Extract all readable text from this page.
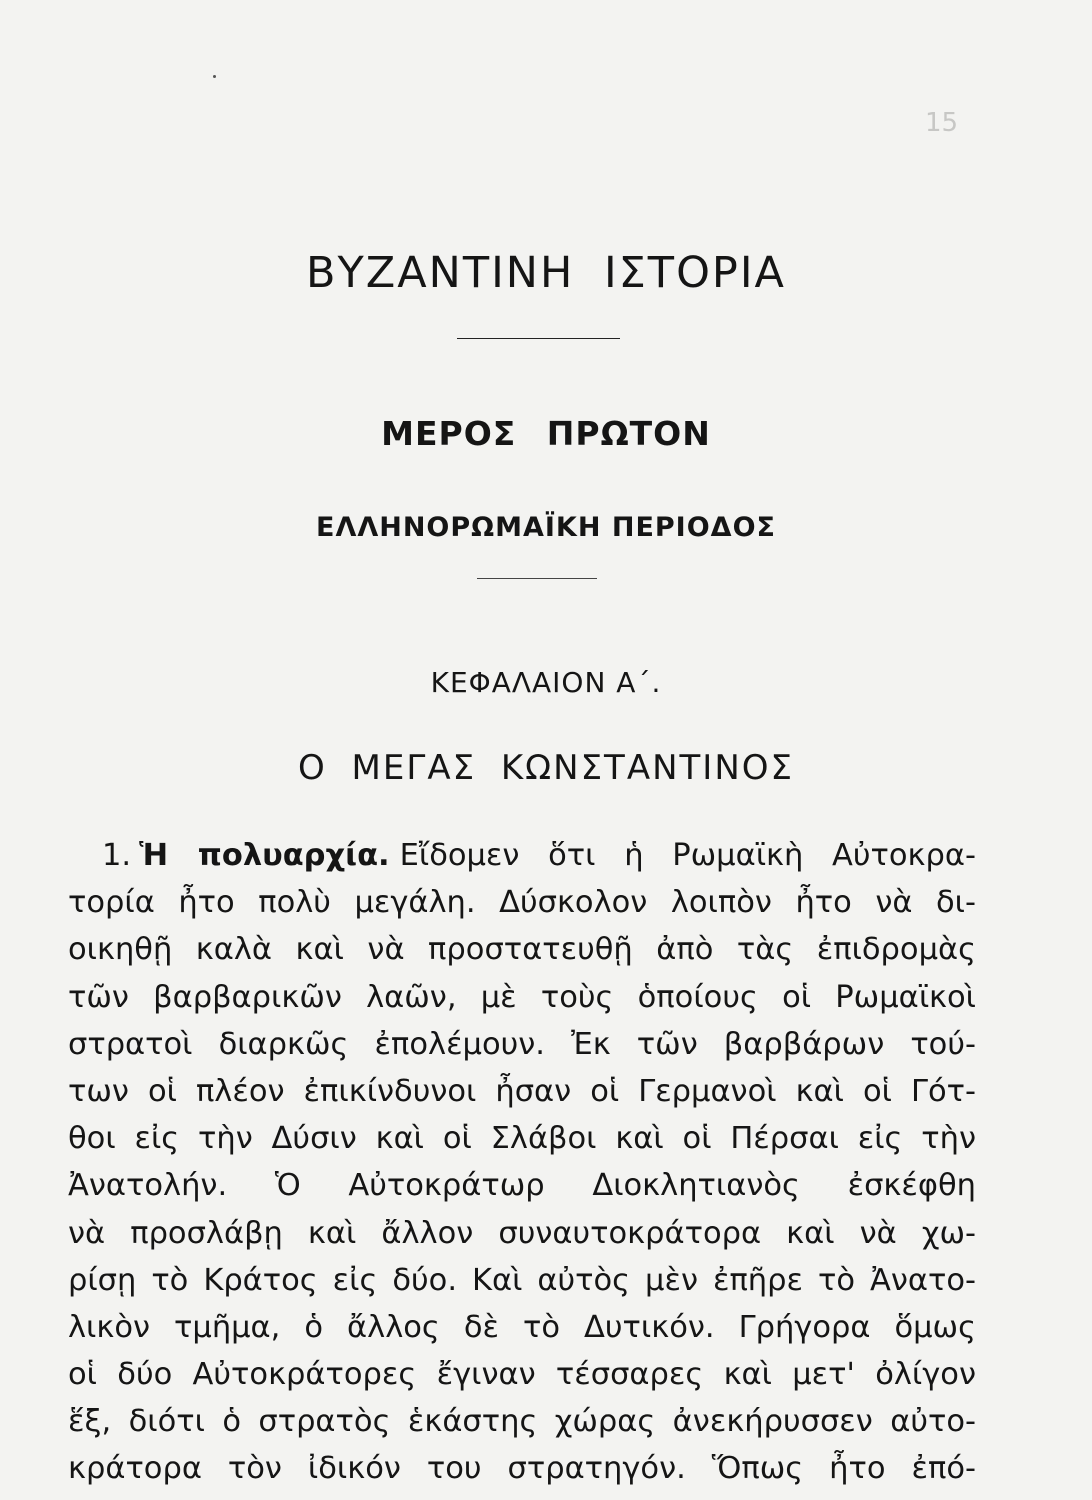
15
ΒΥΖΑΝΤΙΝΗ ΙΣΤΟΡΙΑ
ΜΕΡΟΣ ΠΡΩΤΟΝ
ΕΛΛΗΝΟΡΩΜΑΪΚΗ ΠΕΡΙΟΔΟΣ
ΚΕΦΑΛΑΙΟΝ Α΄.
Ο ΜΕΓΑΣ ΚΩΝΣΤΑΝΤΙΝΟΣ
1. Ἡ πολυαρχία. Εἴδομεν ὅτι ἡ Ρωμαϊκὴ Αὐτοκρα-
τορία ἦτο πολὺ μεγάλη. Δύσκολον λοιπὸν ἦτο νὰ δι-
οικηθῇ καλὰ καὶ νὰ προστατευθῇ ἀπὸ τὰς ἐπιδρομὰς
τῶν βαρβαρικῶν λαῶν, μὲ τοὺς ὁποίους οἱ Ρωμαϊκοὶ
στρατοὶ διαρκῶς ἐπολέμουν. Ἐκ τῶν βαρβάρων τού-
των οἱ πλέον ἐπικίνδυνοι ἦσαν οἱ Γερμανοὶ καὶ οἱ Γότ-
θοι εἰς τὴν Δύσιν καὶ οἱ Σλάβοι καὶ οἱ Πέρσαι εἰς τὴν
Ἀνατολήν. Ὁ Αὐτοκράτωρ Διοκλητιανὸς ἐσκέφθη
νὰ προσλάβῃ καὶ ἄλλον συναυτοκράτορα καὶ νὰ χω-
ρίσῃ τὸ Κράτος εἰς δύο. Καὶ αὐτὸς μὲν ἐπῆρε τὸ Ἀνατο-
λικὸν τμῆμα, ὁ ἄλλος δὲ τὸ Δυτικόν. Γρήγορα ὅμως
οἱ δύο Αὐτοκράτορες ἔγιναν τέσσαρες καὶ μετ' ὀλίγον
ἕξ, διότι ὁ στρατὸς ἑκάστης χώρας ἀνεκήρυσσεν αὐτο-
κράτορα τὸν ἰδικόν του στρατηγόν. Ὅπως ἦτο ἐπό-
